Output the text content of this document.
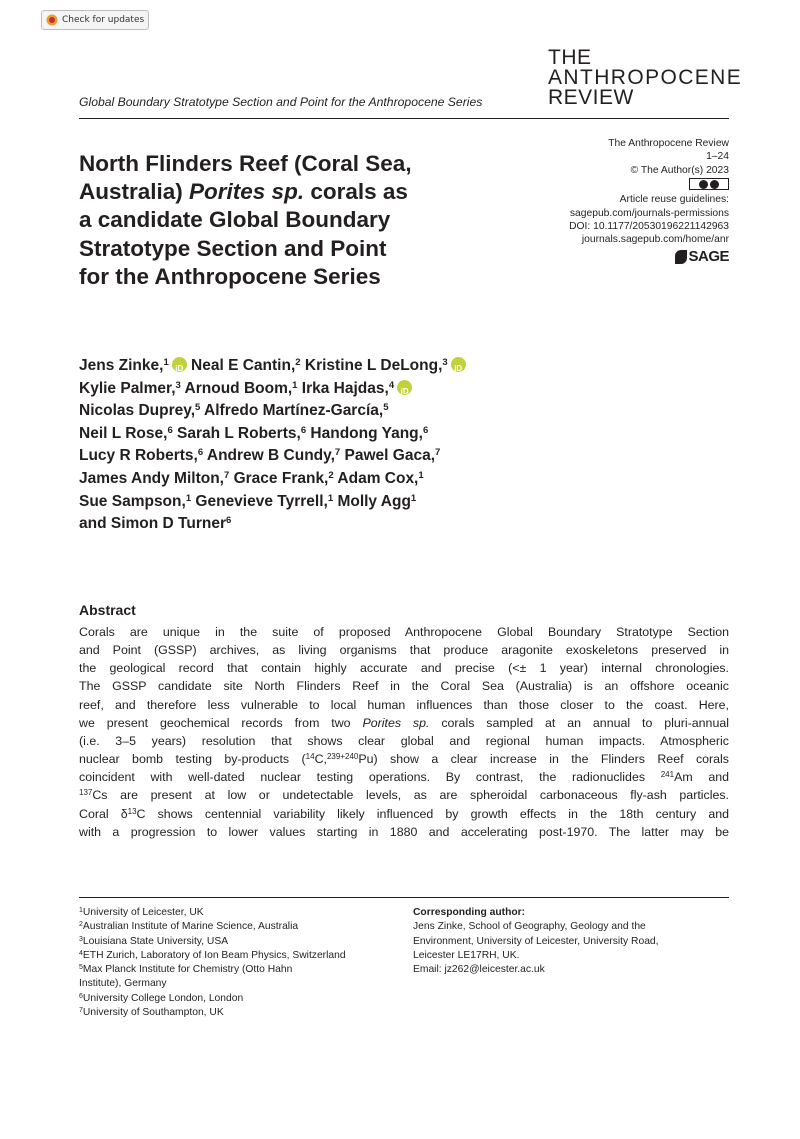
Check for updates
Global Boundary Stratotype Section and Point for the Anthropocene Series
THE
ANTHROPOCENE
REVIEW
The Anthropocene Review
1–24
© The Author(s) 2023
Article reuse guidelines:
sagepub.com/journals-permissions
DOI: 10.1177/20530196221142963
journals.sagepub.com/home/anr
SAGE
North Flinders Reef (Coral Sea,
Australia) Porites sp. corals as
a candidate Global Boundary
Stratotype Section and Point
for the Anthropocene Series
Jens Zinke,$^1$iD Neal E Cantin,$^2$ Kristine L DeLong,$^3$iD
Kylie Palmer,$^3$ Arnoud Boom,$^1$ Irka Hajdas,$^4$iD
Nicolas Duprey,$^5$ Alfredo Martínez-García,$^5$
Neil L Rose,$^6$ Sarah L Roberts,$^6$ Handong Yang,$^6$
Lucy R Roberts,$^6$ Andrew B Cundy,$^7$ Pawel Gaca,$^7$
James Andy Milton,$^7$ Grace Frank,$^2$ Adam Cox,$^1$
Sue Sampson,$^1$ Genevieve Tyrrell,$^1$ Molly Agg$^1$
and Simon D Turner$^6$
Abstract
Corals are unique in the suite of proposed Anthropocene Global Boundary Stratotype Section
and Point (GSSP) archives, as living organisms that produce aragonite exoskeletons preserved in
the geological record that contain highly accurate and precise (<± 1 year) internal chronologies.
The GSSP candidate site North Flinders Reef in the Coral Sea (Australia) is an offshore oceanic
reef, and therefore less vulnerable to local human influences than those closer to the coast. Here,
we present geochemical records from two Porites sp. corals sampled at an annual to pluri-annual
(i.e. 3–5 years) resolution that shows clear global and regional human impacts. Atmospheric
nuclear bomb testing by-products ($^{14}$C,$^{239+240}$Pu) show a clear increase in the Flinders Reef corals
coincident with well-dated nuclear testing operations. By contrast, the radionuclides $^{241}$Am and
$^{137}$Cs are present at low or undetectable levels, as are spheroidal carbonaceous fly-ash particles.
Coral $\delta^{13}C$ shows centennial variability likely influenced by growth effects in the 18th century and
with a progression to lower values starting in 1880 and accelerating post-1970. The latter may be
$^1$University of Leicester, UK
$^2$Australian Institute of Marine Science, Australia
$^3$Louisiana State University, USA
$^4$ETH Zurich, Laboratory of Ion Beam Physics, Switzerland
$^5$Max Planck Institute for Chemistry (Otto Hahn
Institute), Germany
$^6$University College London, London
$^7$University of Southampton, UK
Corresponding author:
Jens Zinke, School of Geography, Geology and the
Environment, University of Leicester, University Road,
Leicester LE17RH, UK.
Email: jz262@leicester.ac.uk
